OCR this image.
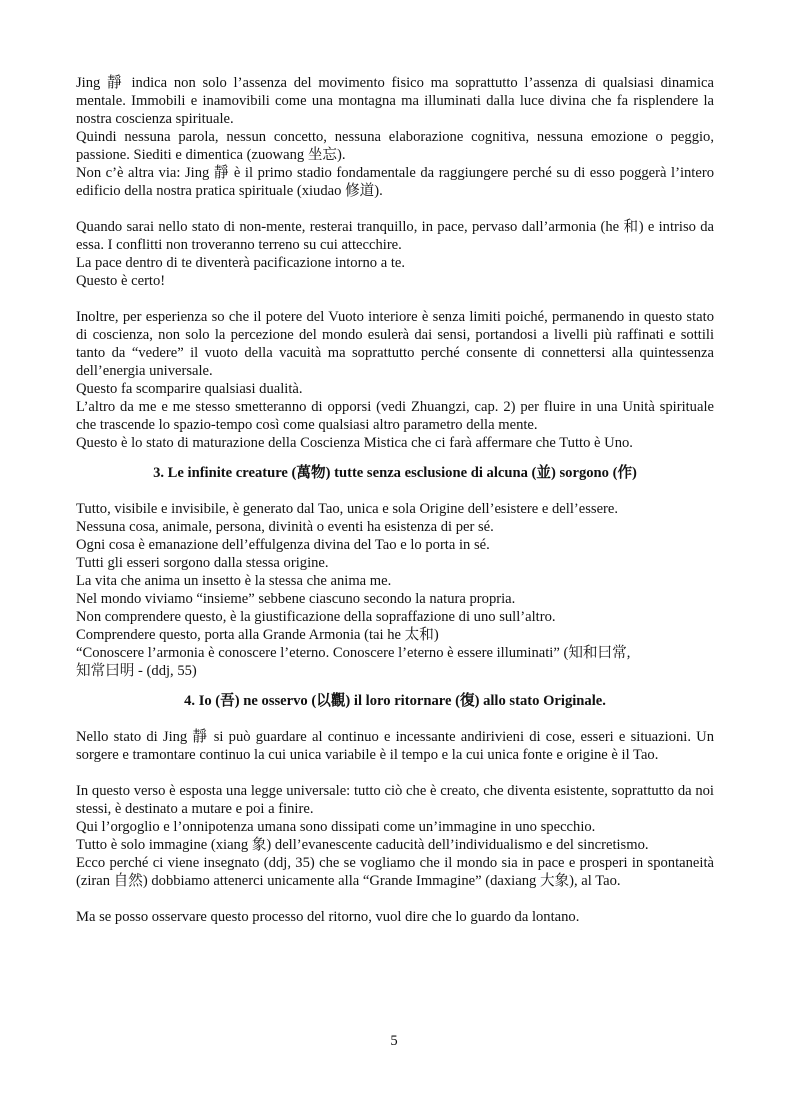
Jing 靜 indica non solo l’assenza del movimento fisico ma soprattutto l’assenza di qualsiasi dinamica mentale. Immobili e inamovibili come una montagna ma illuminati dalla luce divina che fa risplendere la nostra coscienza spirituale.

Quindi nessuna parola, nessun concetto, nessuna elaborazione cognitiva, nessuna emozione o peggio, passione. Siediti e dimentica (zuowang 坐忘).

Non c’è altra via: Jing 靜 è il primo stadio fondamentale da raggiungere perché su di esso poggerà l’intero edificio della nostra pratica spirituale (xiudao 修道).

Quando sarai nello stato di non-mente, resterai tranquillo, in pace, pervaso dall’armonia (he 和) e intriso da essa. I conflitti non troveranno terreno su cui attecchire.

La pace dentro di te diventerà pacificazione intorno a te.

Questo è certo!

Inoltre, per esperienza so che il potere del Vuoto interiore è senza limiti poiché, permanendo in questo stato di coscienza, non solo la percezione del mondo esulerà dai sensi, portandosi a livelli più raffinati e sottili tanto da “vedere” il vuoto della vacuità ma soprattutto perché consente di connettersi alla quintessenza dell’energia universale.

Questo fa scomparire qualsiasi dualità.

L’altro da me e me stesso smetteranno di opporsi (vedi Zhuangzi, cap. 2) per fluire in una Unità spirituale che trascende lo spazio-tempo così come qualsiasi altro parametro della mente.

Questo è lo stato di maturazione della Coscienza Mistica che ci farà affermare che Tutto è Uno.

3. Le infinite creature (萬物) tutte senza esclusione di alcuna (並) sorgono (作)

Tutto, visibile e invisibile, è generato dal Tao, unica e sola Origine dell’esistere e dell’essere.

Nessuna cosa, animale, persona, divinità o eventi ha esistenza di per sé.

Ogni cosa è emanazione dell’effulgenza divina del Tao e lo porta in sé.

Tutti gli esseri sorgono dalla stessa origine.

La vita che anima un insetto è la stessa che anima me.

Nel mondo viviamo “insieme” sebbene ciascuno secondo la natura propria.

Non comprendere questo, è la giustificazione della sopraffazione di uno sull’altro.

Comprendere questo, porta alla Grande Armonia (tai he 太和)

“Conoscere l’armonia è conoscere l’eterno. Conoscere l’eterno è essere illuminati” (知和曰常,

知常曰明 - (ddj, 55)

4. Io (吾) ne osservo (以觀) il loro ritornare (復) allo stato Originale.

Nello stato di Jing 靜 si può guardare al continuo e incessante andirivieni di cose, esseri e situazioni. Un sorgere e tramontare continuo la cui unica variabile è il tempo e la cui unica fonte e origine è il Tao.

In questo verso è esposta una legge universale: tutto ciò che è creato, che diventa esistente, soprattutto da noi stessi, è destinato a mutare e poi a finire.

Qui l’orgoglio e l’onnipotenza umana sono dissipati come un’immagine in uno specchio.

Tutto è solo immagine (xiang 象) dell’evanescente caducità dell’individualismo e del sincretismo.

Ecco perché ci viene insegnato (ddj, 35) che se vogliamo che il mondo sia in pace e prosperi in spontaneità (ziran 自然) dobbiamo attenerci unicamente alla “Grande Immagine” (daxiang 大象), al Tao.

Ma se posso osservare questo processo del ritorno, vuol dire che lo guardo da lontano.

5
